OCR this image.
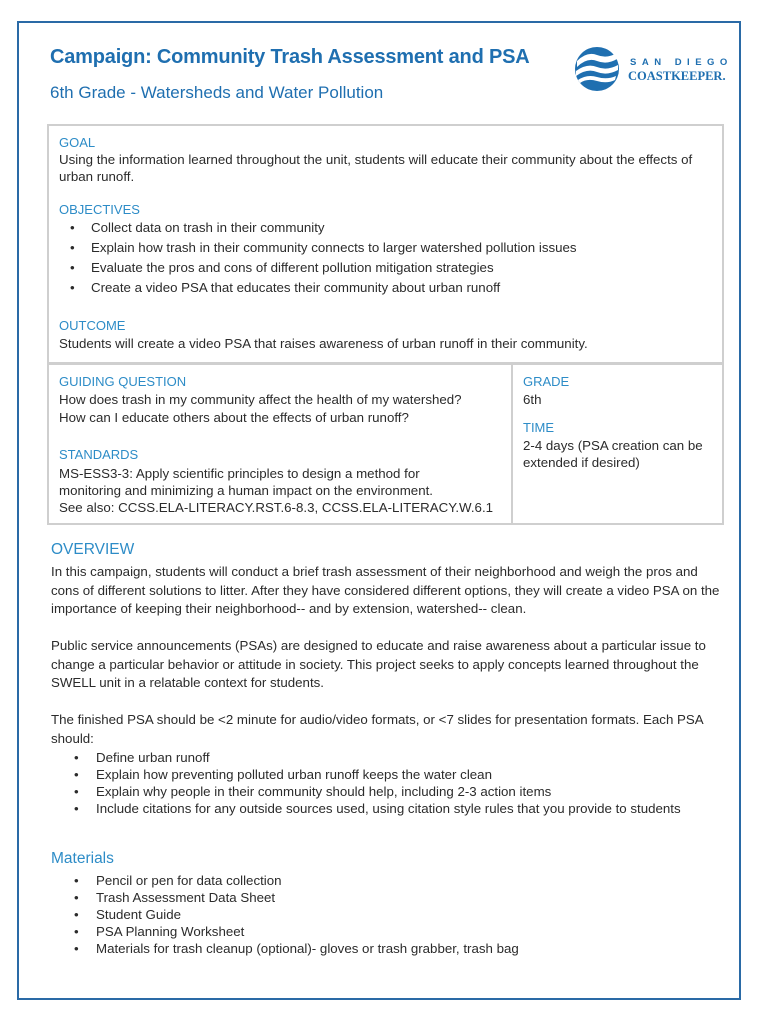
Campaign: Community Trash Assessment and PSA
6th Grade - Watersheds and Water Pollution
SAN DIEGO
COASTKEEPER.
GOAL
Using the information learned throughout the unit, students will educate their community about the effects of urban runoff.
OBJECTIVES
• Collect data on trash in their community
• Explain how trash in their community connects to larger watershed pollution issues
• Evaluate the pros and cons of different pollution mitigation strategies
• Create a video PSA that educates their community about urban runoff
OUTCOME
Students will create a video PSA that raises awareness of urban runoff in their community.
GUIDING QUESTION
How does trash in my community affect the health of my watershed?
How can I educate others about the effects of urban runoff?
STANDARDS
MS-ESS3-3: Apply scientific principles to design a method for
monitoring and minimizing a human impact on the environment.
See also: CCSS.ELA-LITERACY.RST.6-8.3, CCSS.ELA-LITERACY.W.6.1
GRADE
6th
TIME
2-4 days (PSA creation can be extended if desired)
OVERVIEW
In this campaign, students will conduct a brief trash assessment of their neighborhood and weigh the pros and cons of different solutions to litter. After they have considered different options, they will create a video PSA on the importance of keeping their neighborhood-- and by extension, watershed-- clean.
Public service announcements (PSAs) are designed to educate and raise awareness about a particular issue to change a particular behavior or attitude in society. This project seeks to apply concepts learned throughout the SWELL unit in a relatable context for students.
The finished PSA should be <2 minute for audio/video formats, or <7 slides for presentation formats. Each PSA should:
• Define urban runoff
• Explain how preventing polluted urban runoff keeps the water clean
• Explain why people in their community should help, including 2-3 action items
• Include citations for any outside sources used, using citation style rules that you provide to students
Materials
• Pencil or pen for data collection
• Trash Assessment Data Sheet
• Student Guide
• PSA Planning Worksheet
• Materials for trash cleanup (optional)- gloves or trash grabber, trash bag
